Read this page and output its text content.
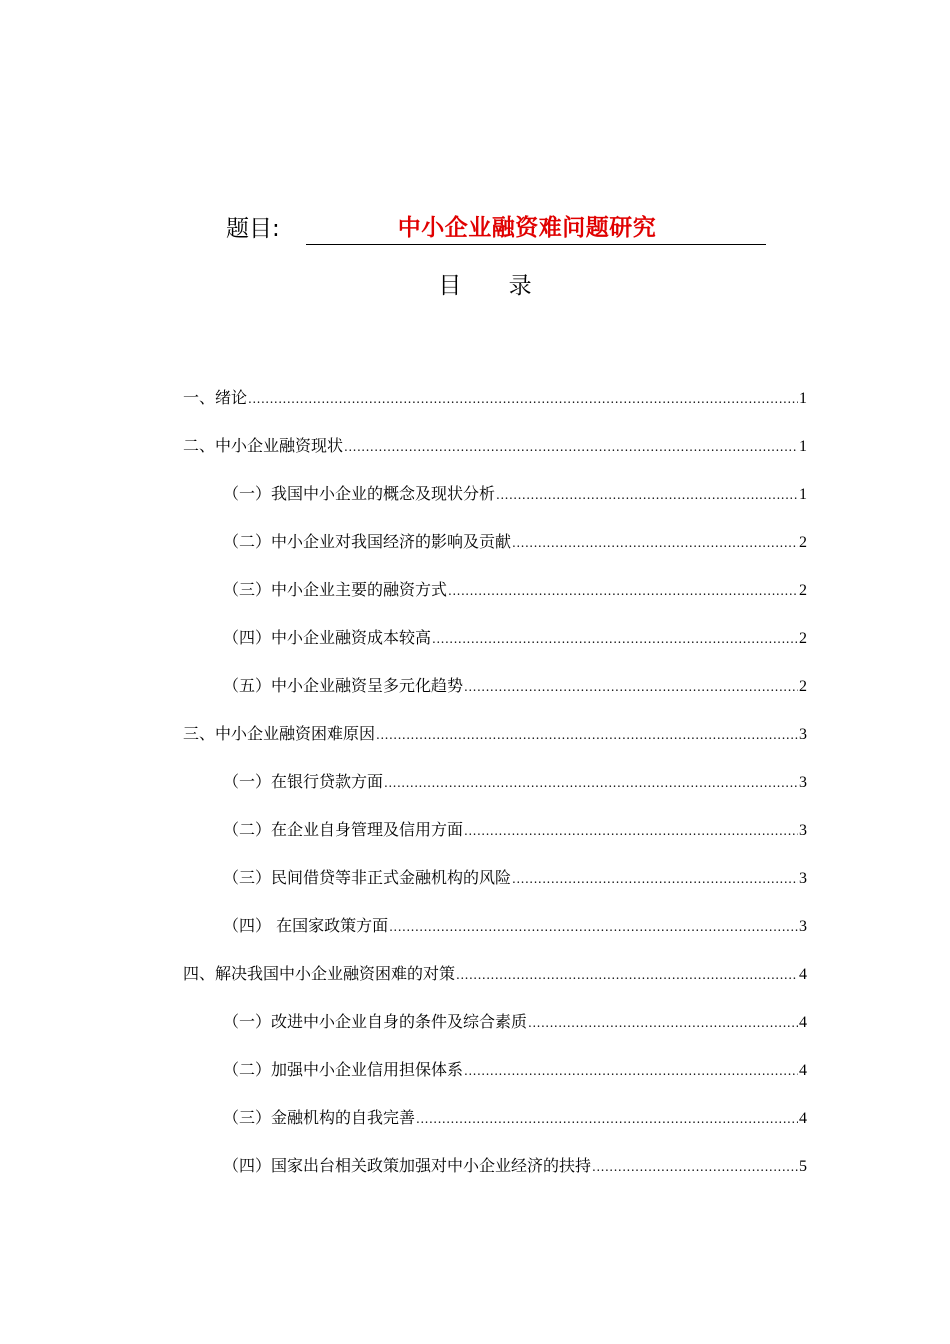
题目:	中小企业融资难问题研究
目 录
一、绪论 .....	1
二、中小企业融资现状 .....	1
（一）我国中小企业的概念及现状分析 .....	1
（二）中小企业对我国经济的影响及贡献 .....	2
（三）中小企业主要的融资方式 .....	2
（四）中小企业融资成本较高 .....	2
（五）中小企业融资呈多元化趋势 .....	2
三、中小企业融资困难原因 .....	3
（一）在银行贷款方面 .....	3
（二）在企业自身管理及信用方面 .....	3
（三）民间借贷等非正式金融机构的风险 .....	3
（四） 在国家政策方面 .....	3
四、解决我国中小企业融资困难的对策 .....	4
（一）改进中小企业自身的条件及综合素质 .....	4
（二）加强中小企业信用担保体系 .....	4
（三）金融机构的自我完善 .....	4
（四）国家出台相关政策加强对中小企业经济的扶持 .....	5
